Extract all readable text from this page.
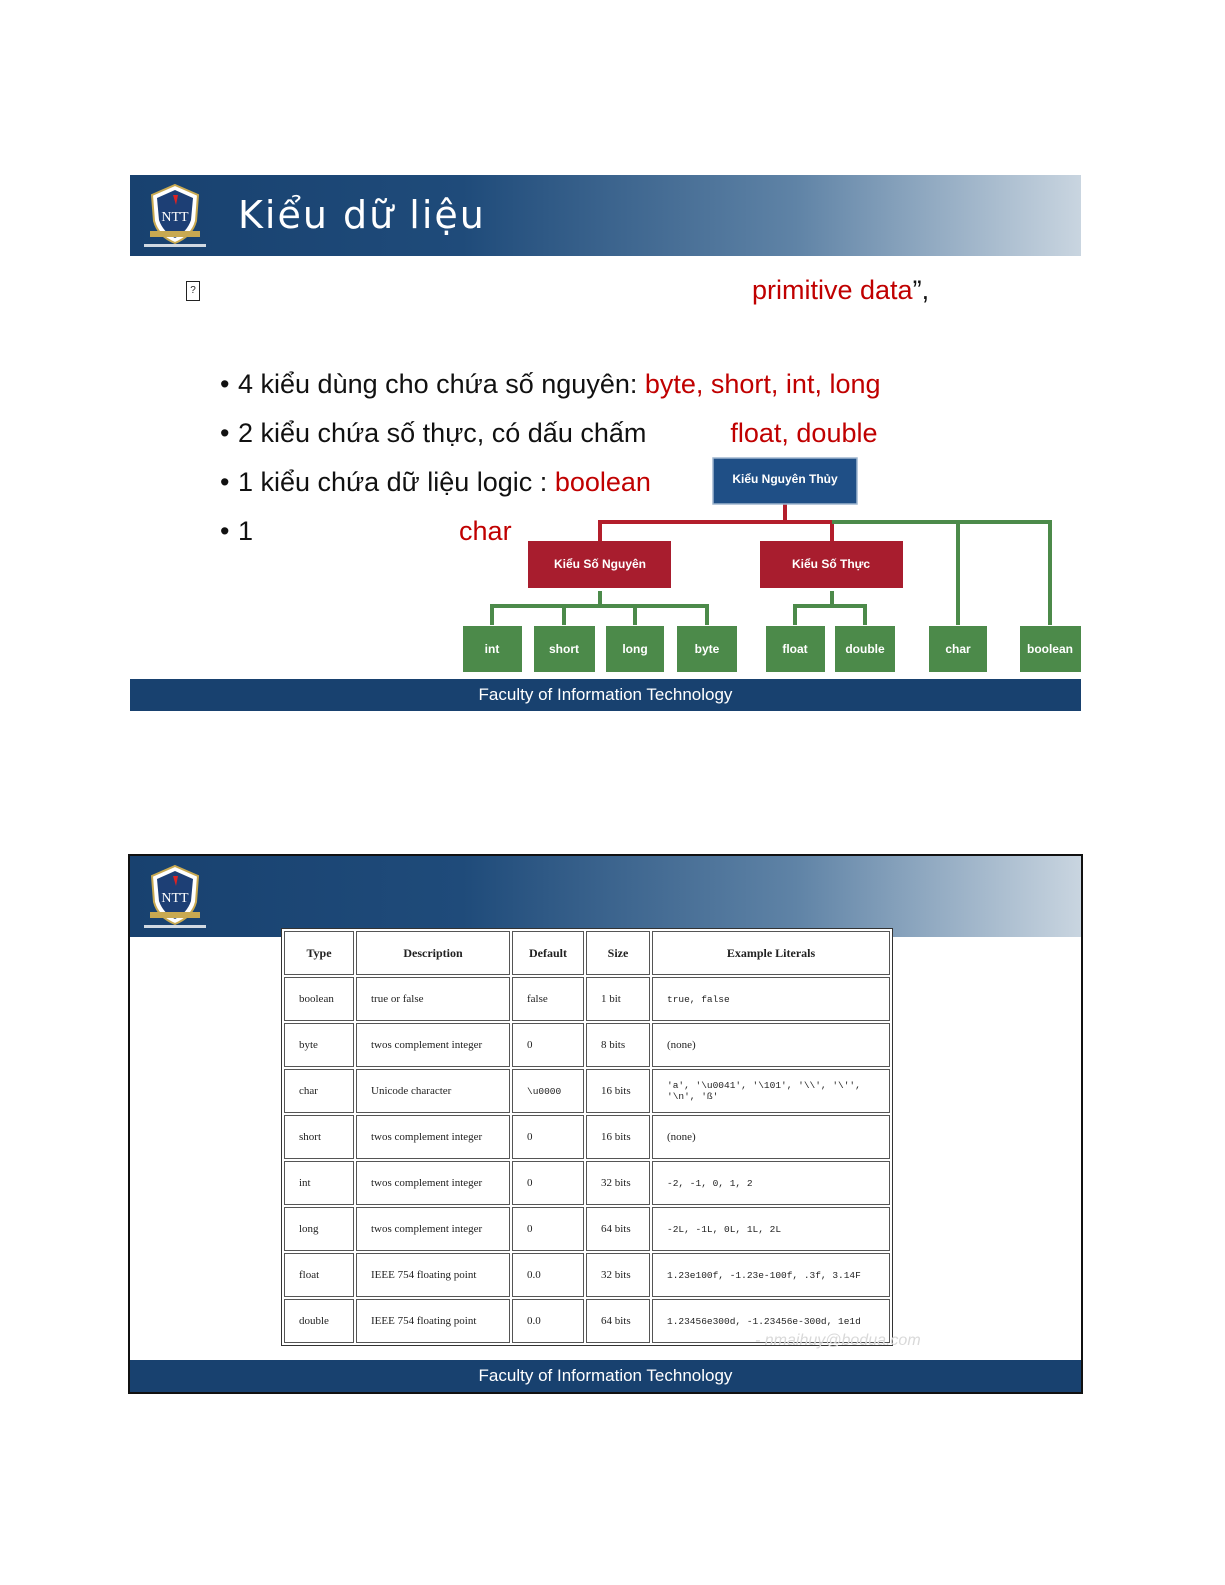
NTT Kiểu dữ liệu
?	primitive data”,
• 4 kiểu dùng cho chứa số nguyên: byte, short, int, long
• 2 kiểu chứa số thực, có dấu chấm	float, double
• 1 kiểu chứa dữ liệu logic : boolean
• 1	char
Kiểu Nguyên Thủy
Kiểu Số Nguyên	Kiểu Số Thực
int	short	long	byte	float	double	char	boolean
Faculty of Information Technology
NTT
Type	Description	Default	Size	Example Literals
boolean	true or false	false	1 bit	true, false
byte	twos complement integer	0	8 bits	(none)
char	Unicode character	\u0000	16 bits	'a', '\u0041', '\101', '\\', '\'', '\n', 'ß'
short	twos complement integer	0	16 bits	(none)
int	twos complement integer	0	32 bits	-2, -1, 0, 1, 2
long	twos complement integer	0	64 bits	-2L, -1L, 0L, 1L, 2L
float	IEEE 754 floating point	0.0	32 bits	1.23e100f, -1.23e-100f, .3f, 3.14F
double	IEEE 754 floating point	0.0	64 bits	1.23456e300d, -1.23456e-300d, 1e1d
- nmaihuy@bodua.com
Faculty of Information Technology
